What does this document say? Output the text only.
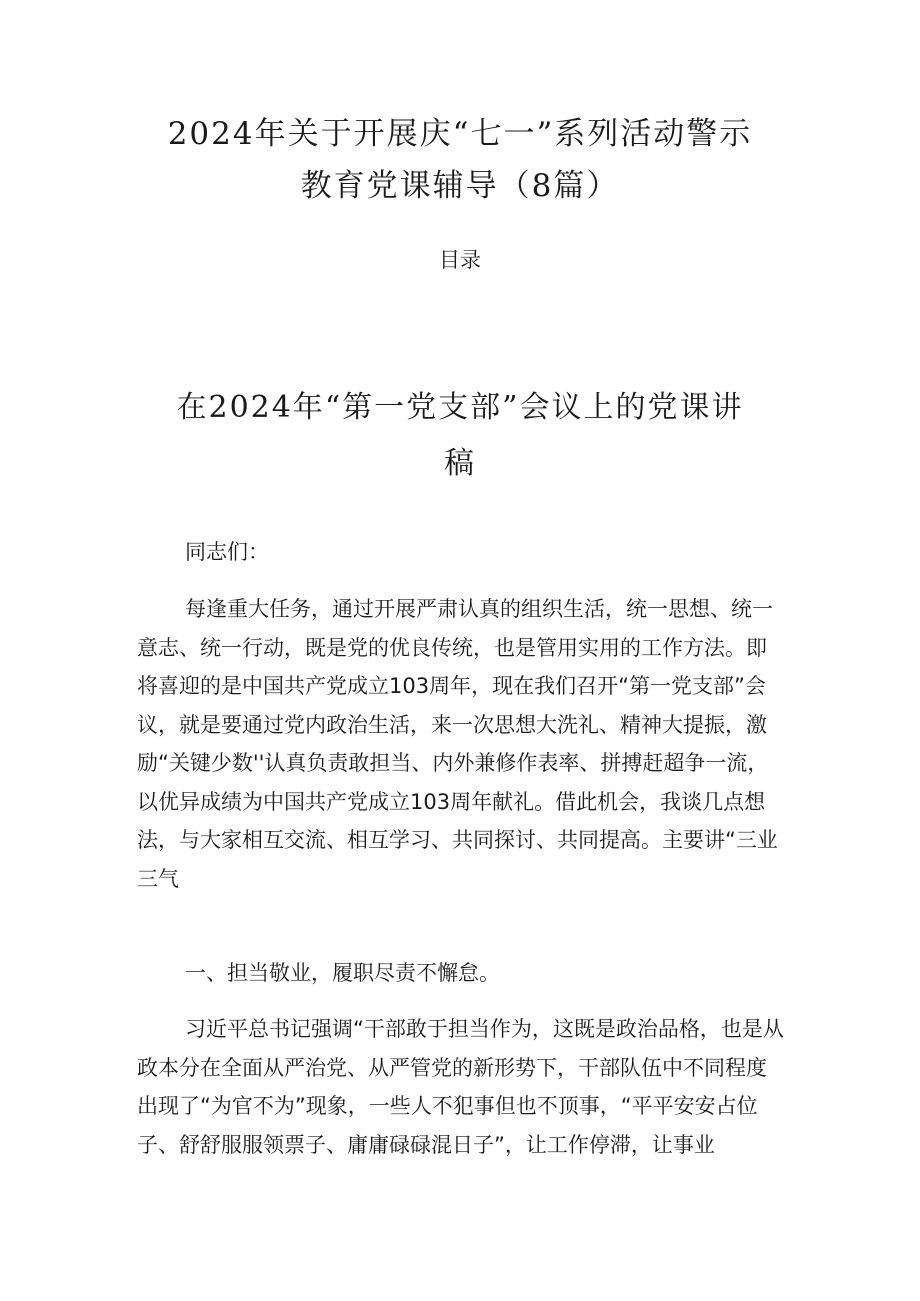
2024年关于开展庆“七一”系列活动警示
教育党课辅导（8篇）
目录
在2024年“第一党支部”会议上的党课讲
稿

同志们：

每逢重大任务，通过开展严肃认真的组织生活，统一思想、统一意志、统一行动，既是党的优良传统，也是管用实用的工作方法。即将喜迎的是中国共产党成立103周年，现在我们召开“第一党支部”会议，就是要通过党内政治生活，来一次思想大洗礼、精神大提振，激励“关键少数''认真负责敢担当、内外兼修作表率、拼搏赶超争一流，以优异成绩为中国共产党成立103周年献礼。借此机会，我谈几点想法，与大家相互交流、相互学习、共同探讨、共同提高。主要讲“三业三气

一、担当敬业，履职尽责不懈怠。

习近平总书记强调“干部敢于担当作为，这既是政治品格，也是从政本分在全面从严治党、从严管党的新形势下，干部队伍中不同程度出现了“为官不为”现象，一些人不犯事但也不顶事，“平平安安占位子、舒舒服服领票子、庸庸碌碌混日子”，让工作停滞，让事业
